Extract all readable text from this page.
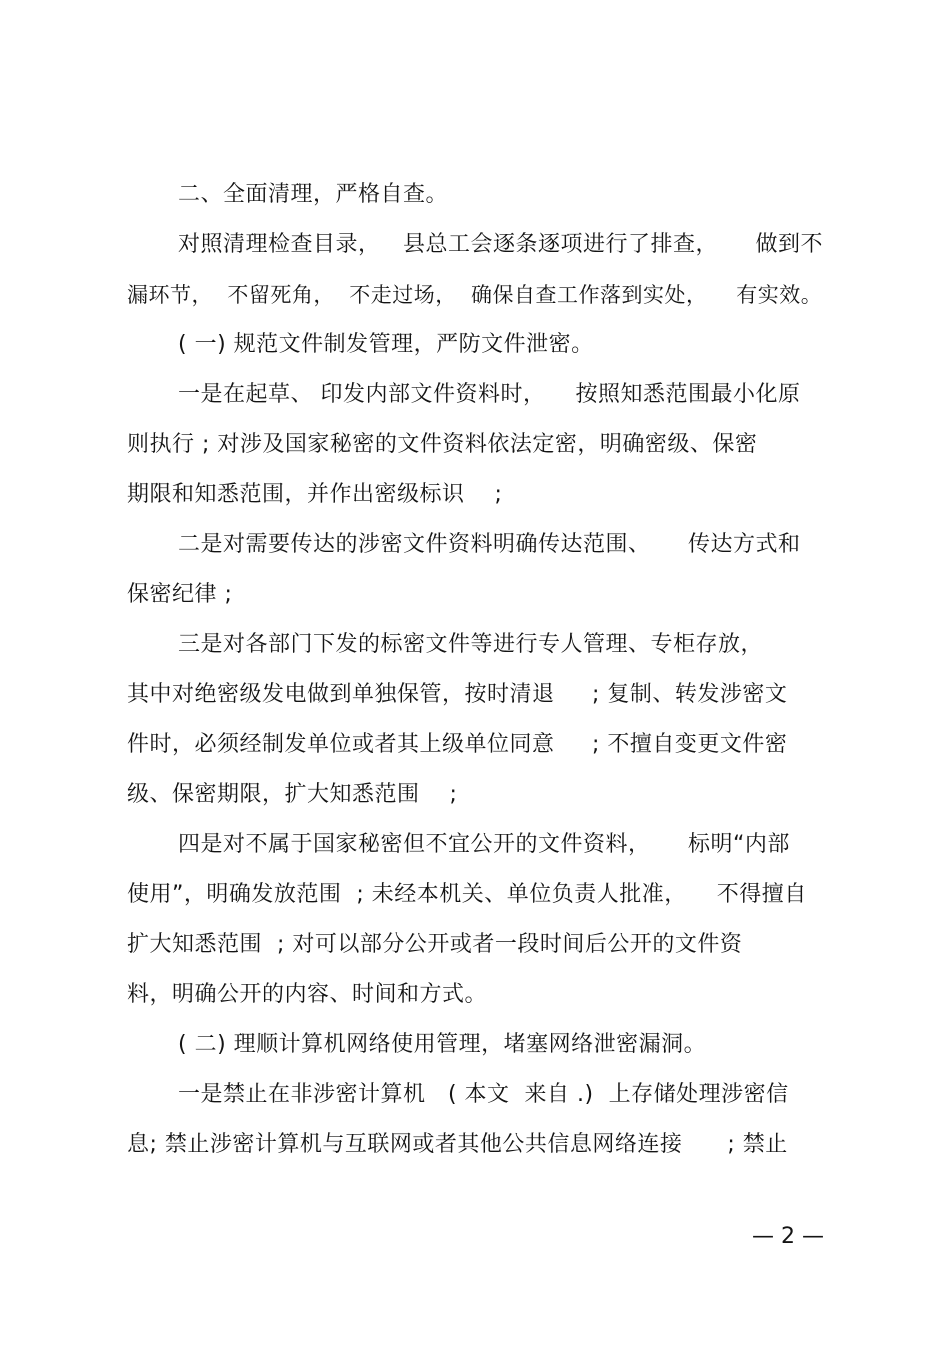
二、全面清理，严格自查。
对照清理检查目录，   县总工会逐条逐项进行了排查，     做到不
漏环节，  不留死角，  不走过场，  确保自查工作落到实处，    有实效。
( 一) 规范文件制发管理，严防文件泄密。
一是在起草、 印发内部文件资料时，    按照知悉范围最小化原
则执行 ; 对涉及国家秘密的文件资料依法定密，明确密级、保密
期限和知悉范围，并作出密级标识    ;
二是对需要传达的涉密文件资料明确传达范围、     传达方式和
保密纪律 ;
三是对各部门下发的标密文件等进行专人管理、专柜存放，
其中对绝密级发电做到单独保管，按时清退     ; 复制、转发涉密文
件时，必须经制发单位或者其上级单位同意     ; 不擅自变更文件密
级、保密期限，扩大知悉范围    ;
四是对不属于国家秘密但不宜公开的文件资料，     标明“内部
使用”，明确发放范围  ; 未经本机关、单位负责人批准，    不得擅自
扩大知悉范围  ; 对可以部分公开或者一段时间后公开的文件资
料，明确公开的内容、时间和方式。
( 二) 理顺计算机网络使用管理，堵塞网络泄密漏洞。
一是禁止在非涉密计算机   ( 本文  来自 .)  上存储处理涉密信
息; 禁止涉密计算机与互联网或者其他公共信息网络连接      ; 禁止
— 2 —
